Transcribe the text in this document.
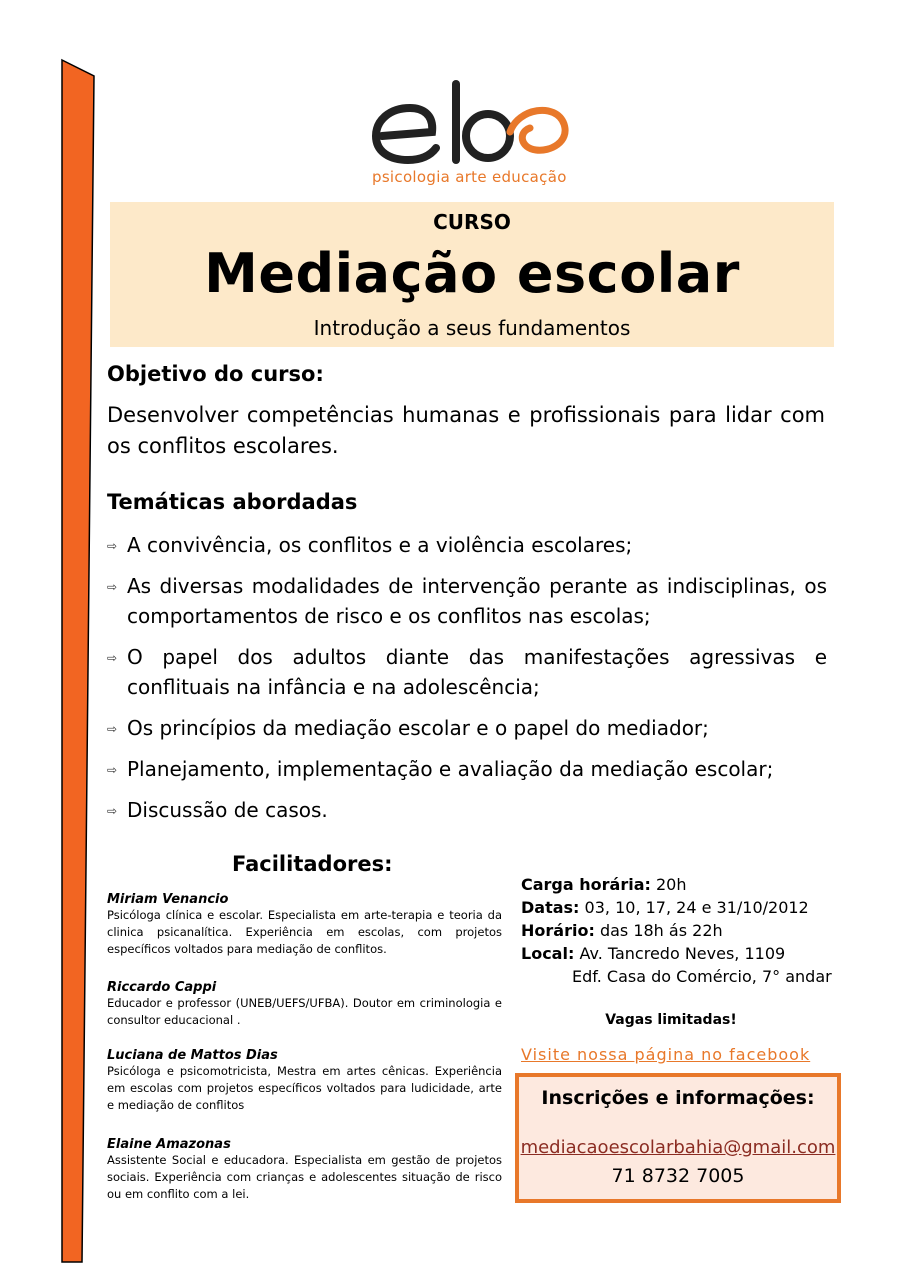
psicologia arte educação
CURSO
Mediação escolar
Introdução a seus fundamentos
Objetivo do curso:
Desenvolver competências humanas e profissionais para lidar com os conflitos escolares.
Temáticas abordadas
⇨ A convivência, os conflitos e a violência escolares;
⇨ As diversas modalidades de intervenção perante as indisciplinas, os comportamentos de risco e os conflitos nas escolas;
⇨ O papel dos adultos diante das manifestações agressivas e conflituais na infância e na adolescência;
⇨ Os princípios da mediação escolar e o papel do mediador;
⇨ Planejamento, implementação e avaliação da mediação escolar;
⇨ Discussão de casos.
Facilitadores:
Miriam Venancio
Psicóloga clínica e escolar. Especialista em arte-terapia e teoria da clinica psicanalítica. Experiência em escolas, com projetos específicos voltados para mediação de conflitos.
Riccardo Cappi
Educador e professor (UNEB/UEFS/UFBA). Doutor em criminologia e consultor educacional .
Luciana de Mattos Dias
Psicóloga e psicomotricista, Mestra em artes cênicas. Experiência em escolas com projetos específicos voltados para ludicidade, arte e mediação de conflitos
Elaine Amazonas
Assistente Social e educadora. Especialista em gestão de projetos sociais. Experiência com crianças e adolescentes situação de risco ou em conflito com a lei.
Carga horária: 20h
Datas: 03, 10, 17, 24 e 31/10/2012
Horário: das 18h ás 22h
Local: Av. Tancredo Neves, 1109
Edf. Casa do Comércio, 7° andar
Vagas limitadas!
Visite nossa página no facebook
Inscrições e informações:
mediacaoescolarbahia@gmail.com
71 8732 7005
